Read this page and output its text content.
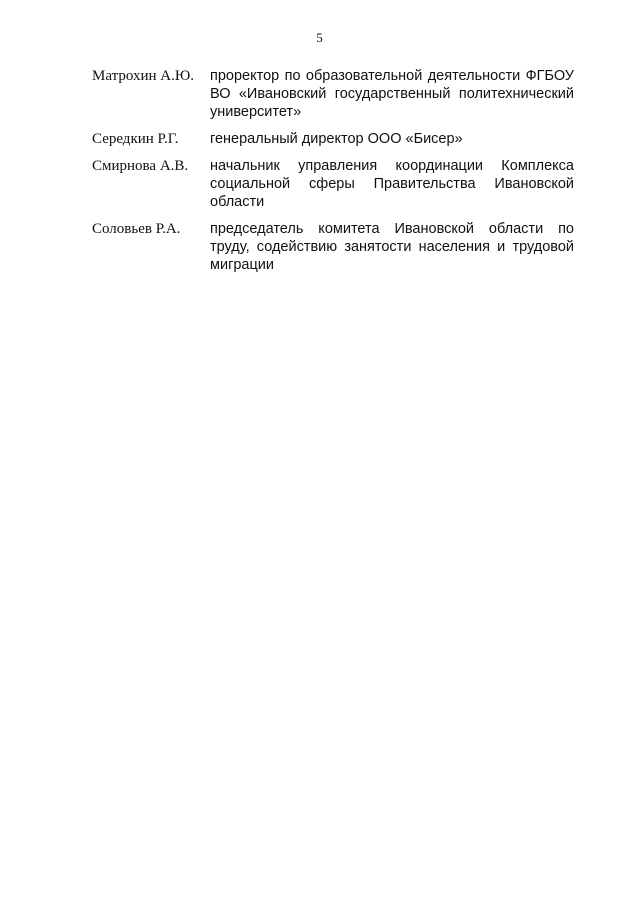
5
Матрохин А.Ю.	проректор по образовательной деятельности ФГБОУ ВО «Ивановский государственный политехнический университет»
Середкин Р.Г.	генеральный директор ООО «Бисер»
Смирнова А.В.	начальник управления координации Комплекса социальной сферы Правительства Ивановской области
Соловьев Р.А.	председатель комитета Ивановской области по труду, содействию занятости населения и трудовой миграции
